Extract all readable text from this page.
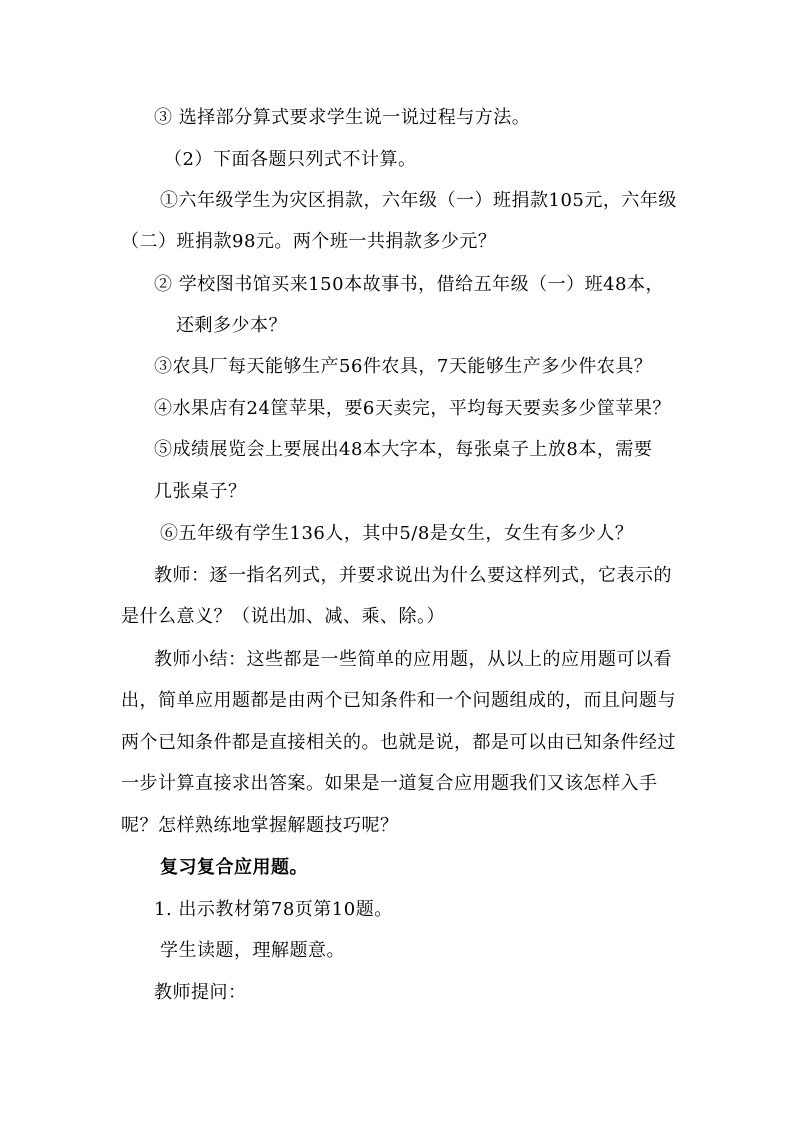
③ 选择部分算式要求学生说一说过程与方法。
（2）下面各题只列式不计算。
①六年级学生为灾区捐款，六年级（一）班捐款105元，六年级
（二）班捐款98元。两个班一共捐款多少元？
② 学校图书馆买来150本故事书，借给五年级（一）班48本，
还剩多少本？
③农具厂每天能够生产56件农具，7天能够生产多少件农具？
④水果店有24筐苹果，要6天卖完，平均每天要卖多少筐苹果？
⑤成绩展览会上要展出48本大字本，每张桌子上放8本，需要
几张桌子？
⑥五年级有学生136人，其中5/8是女生，女生有多少人？
教师：逐一指名列式，并要求说出为什么要这样列式，它表示的
是什么意义？（说出加、减、乘、除。）
教师小结：这些都是一些简单的应用题，从以上的应用题可以看
出，简单应用题都是由两个已知条件和一个问题组成的，而且问题与
两个已知条件都是直接相关的。也就是说，都是可以由已知条件经过
一步计算直接求出答案。如果是一道复合应用题我们又该怎样入手
呢？怎样熟练地掌握解题技巧呢？
复习复合应用题。
1. 出示教材第78页第10题。
学生读题，理解题意。
教师提问：
